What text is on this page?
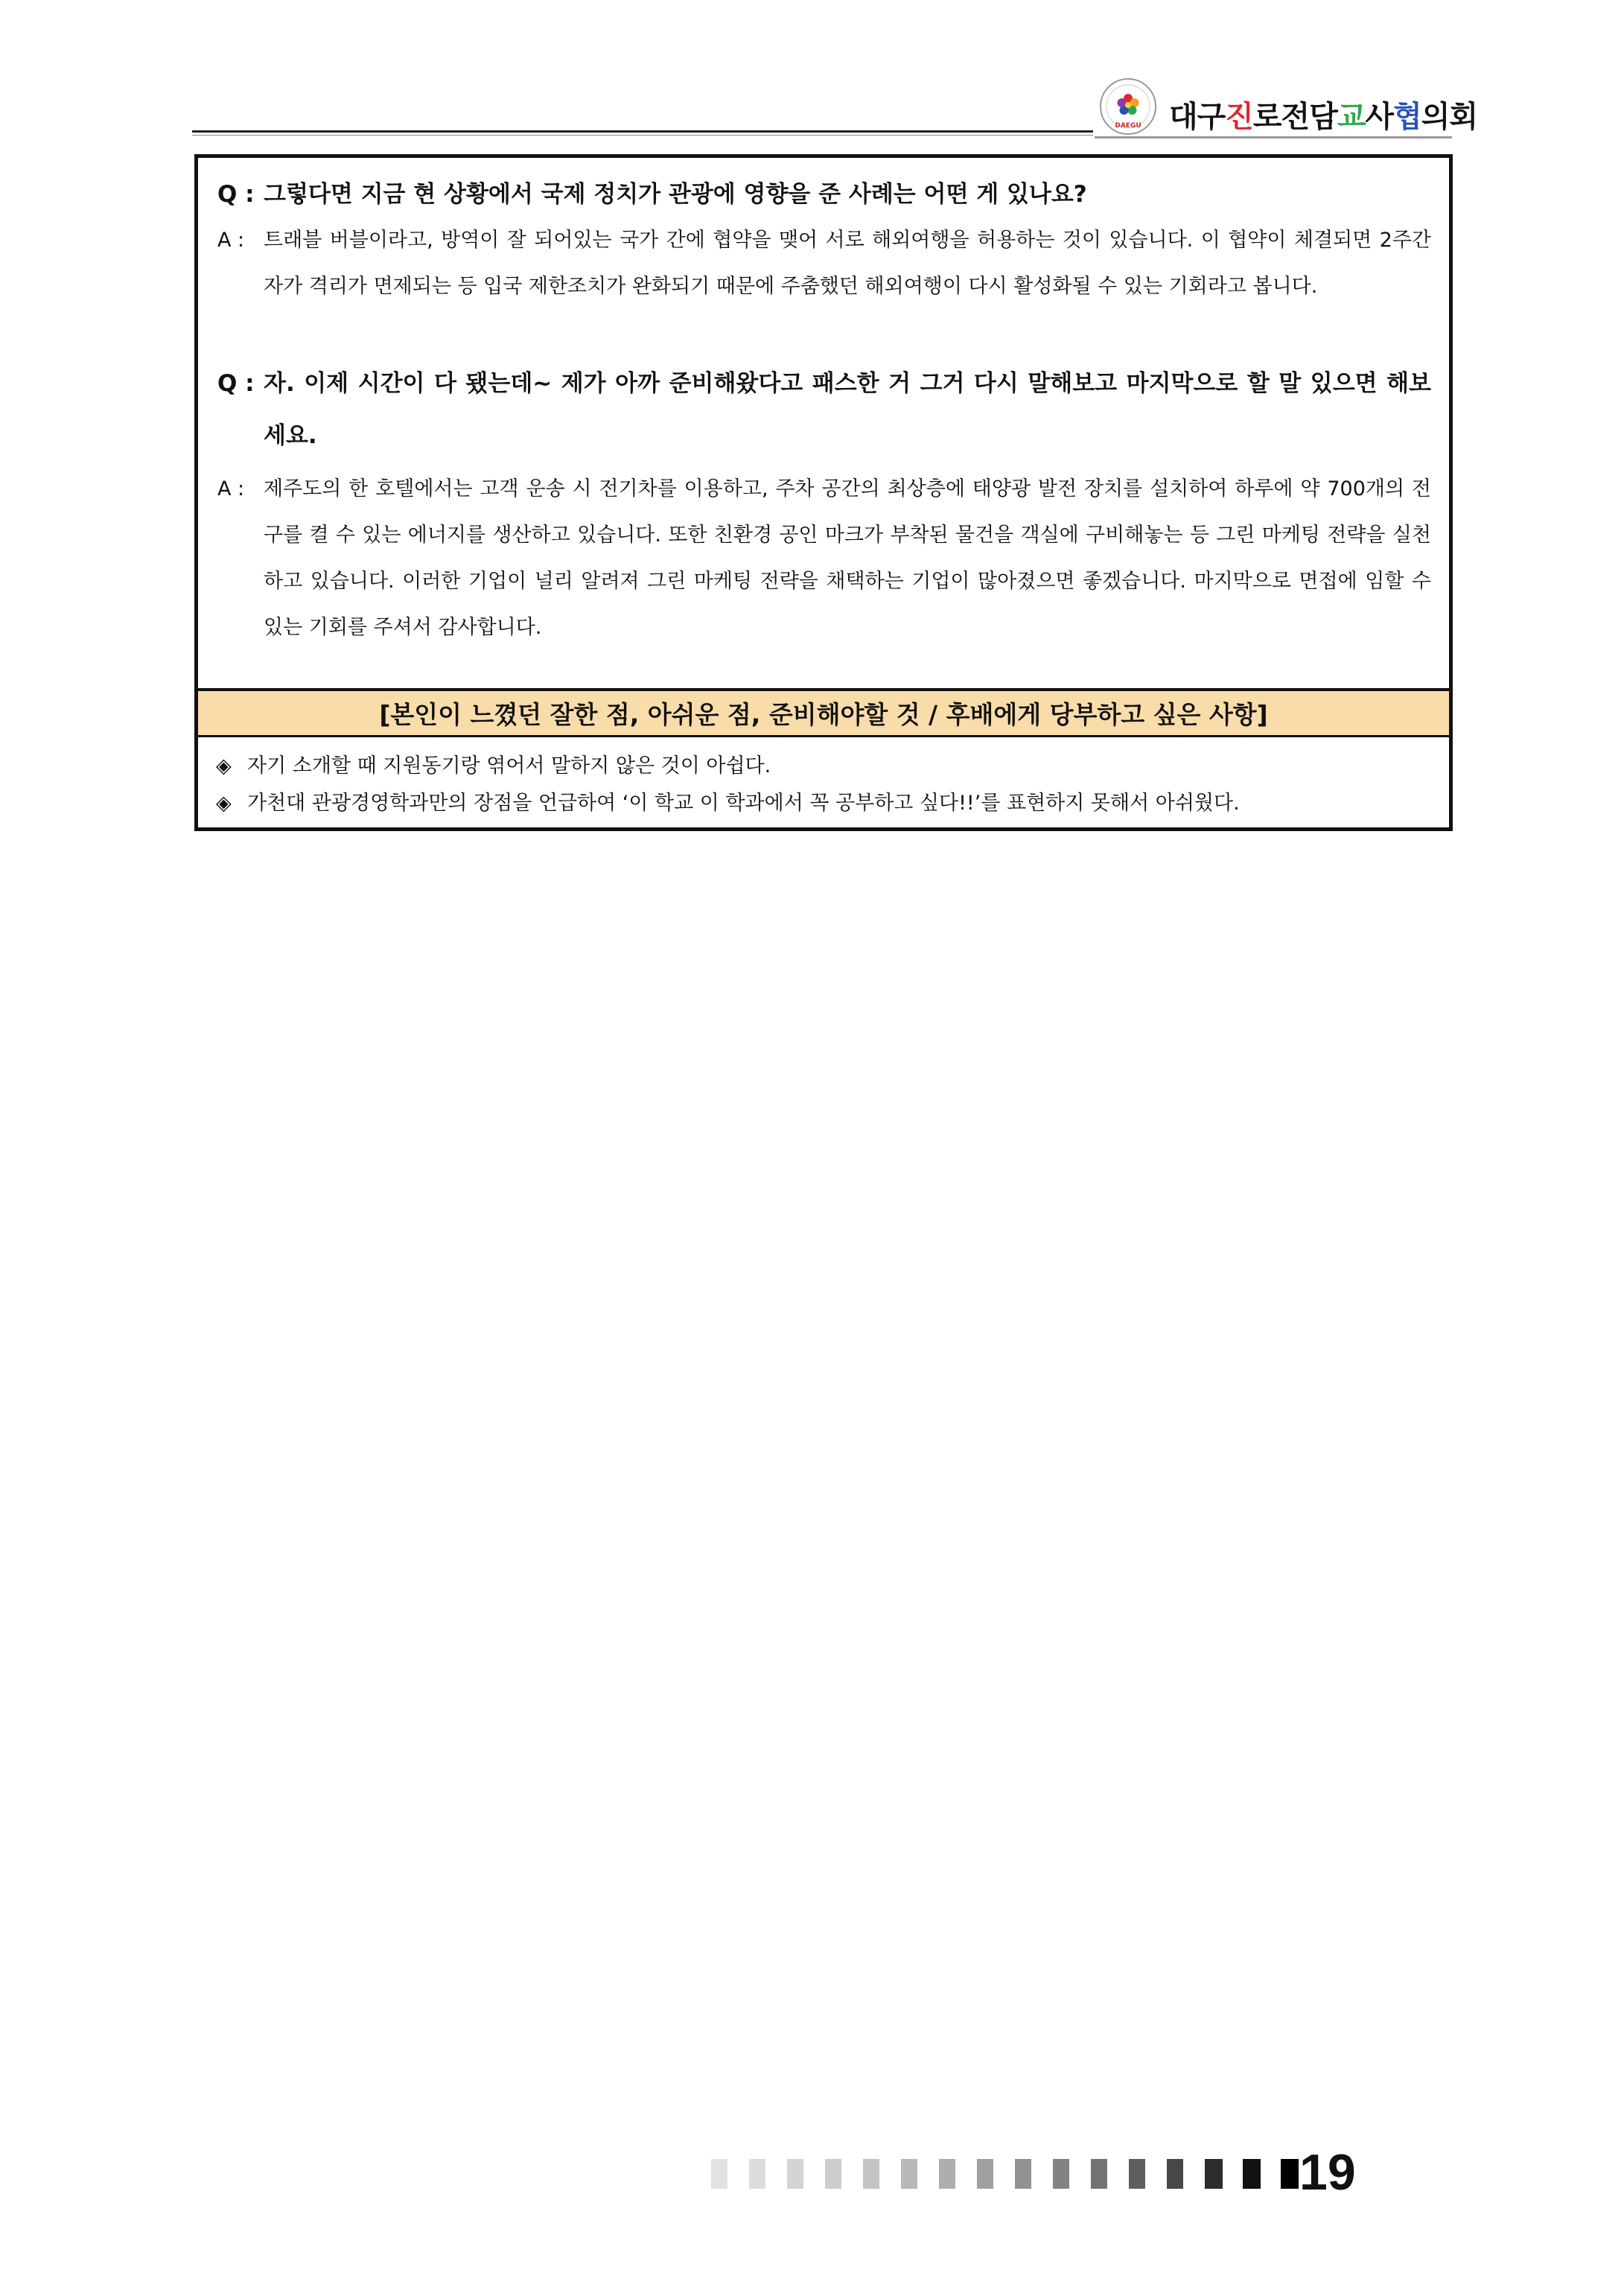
DAEGU 대구진로전담교사협의회
Q : 그렇다면 지금 현 상황에서 국제 정치가 관광에 영향을 준 사례는 어떤 게 있나요?
A : 트래블 버블이라고, 방역이 잘 되어있는 국가 간에 협약을 맺어 서로 해외여행을 허용하는 것이 있습니다. 이 협약이 체결되면 2주간 자가 격리가 면제되는 등 입국 제한조치가 완화되기 때문에 주춤했던 해외여행이 다시 활성화될 수 있는 기회라고 봅니다.
Q : 자. 이제 시간이 다 됐는데~ 제가 아까 준비해왔다고 패스한 거 그거 다시 말해보고 마지막으로 할 말 있으면 해보세요.
A : 제주도의 한 호텔에서는 고객 운송 시 전기차를 이용하고, 주차 공간의 최상층에 태양광 발전 장치를 설치하여 하루에 약 700개의 전구를 켤 수 있는 에너지를 생산하고 있습니다. 또한 친환경 공인 마크가 부착된 물건을 객실에 구비해놓는 등 그린 마케팅 전략을 실천하고 있습니다. 이러한 기업이 널리 알려져 그린 마케팅 전략을 채택하는 기업이 많아졌으면 좋겠습니다. 마지막으로 면접에 임할 수 있는 기회를 주셔서 감사합니다.
[본인이 느꼈던 잘한 점, 아쉬운 점, 준비해야할 것 / 후배에게 당부하고 싶은 사항]
◈ 자기 소개할 때 지원동기랑 엮어서 말하지 않은 것이 아쉽다.
◈ 가천대 관광경영학과만의 장점을 언급하여 ‘이 학교 이 학과에서 꼭 공부하고 싶다!!’를 표현하지 못해서 아쉬웠다.
19
